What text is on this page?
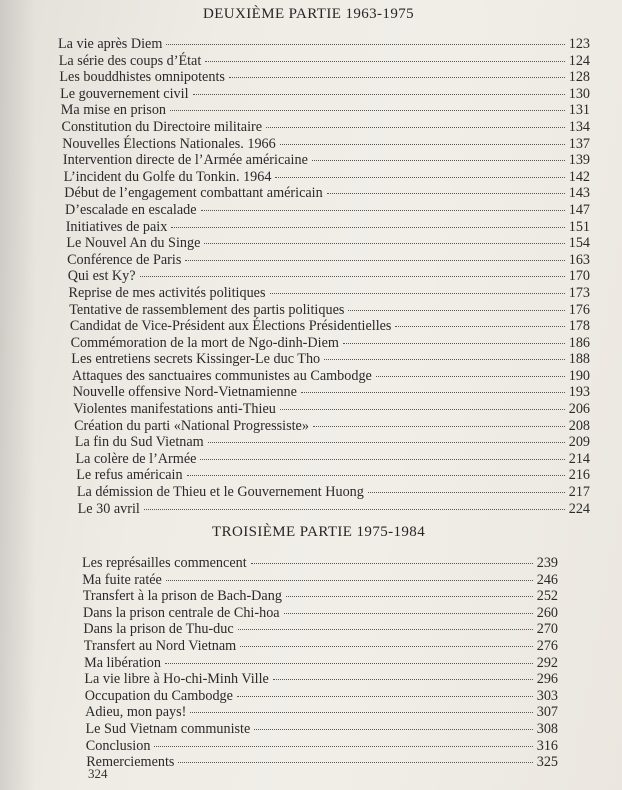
DEUXIÈME PARTIE 1963-1975
La vie après Diem	123
La série des coups d’État	124
Les bouddhistes omnipotents	128
Le gouvernement civil	130
Ma mise en prison	131
Constitution du Directoire militaire	134
Nouvelles Élections Nationales. 1966	137
Intervention directe de l’Armée américaine	139
L’incident du Golfe du Tonkin. 1964	142
Début de l’engagement combattant américain	143
D’escalade en escalade	147
Initiatives de paix	151
Le Nouvel An du Singe	154
Conférence de Paris	163
Qui est Ky?	170
Reprise de mes activités politiques	173
Tentative de rassemblement des partis politiques	176
Candidat de Vice-Président aux Élections Présidentielles	178
Commémoration de la mort de Ngo-dinh-Diem	186
Les entretiens secrets Kissinger-Le duc Tho	188
Attaques des sanctuaires communistes au Cambodge	190
Nouvelle offensive Nord-Vietnamienne	193
Violentes manifestations anti-Thieu	206
Création du parti «National Progressiste»	208
La fin du Sud Vietnam	209
La colère de l’Armée	214
Le refus américain	216
La démission de Thieu et le Gouvernement Huong	217
Le 30 avril	224
TROISIÈME PARTIE 1975-1984
Les représailles commencent	239
Ma fuite ratée	246
Transfert à la prison de Bach-Dang	252
Dans la prison centrale de Chi-hoa	260
Dans la prison de Thu-duc	270
Transfert au Nord Vietnam	276
Ma libération	292
La vie libre à Ho-chi-Minh Ville	296
Occupation du Cambodge	303
Adieu, mon pays!	307
Le Sud Vietnam communiste	308
Conclusion	316
Remerciements	325
324
